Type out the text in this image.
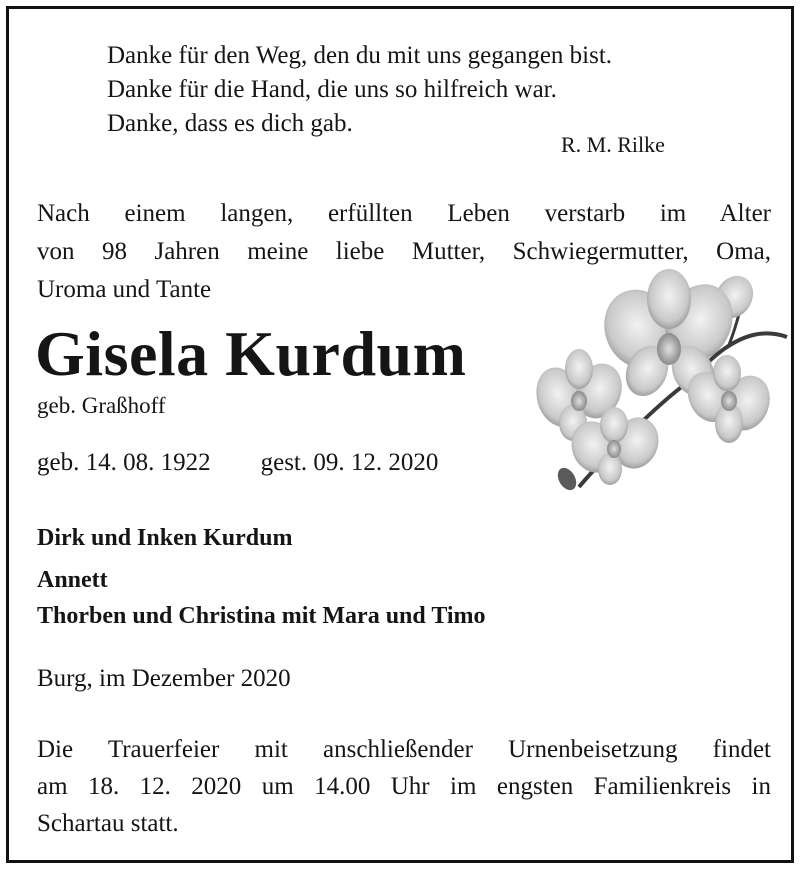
Danke für den Weg, den du mit uns gegangen bist.
Danke für die Hand, die uns so hilfreich war.
Danke, dass es dich gab.
R. M. Rilke
Nach einem langen, erfüllten Leben verstarb im Alter
von 98 Jahren meine liebe Mutter, Schwiegermutter, Oma,
Uroma und Tante
Gisela Kurdum
geb. Graßhoff
geb. 14. 08. 1922 gest. 09. 12. 2020
Dirk und Inken Kurdum
Annett
Thorben und Christina mit Mara und Timo
Burg, im Dezember 2020
Die Trauerfeier mit anschließender Urnenbeisetzung findet
am 18. 12. 2020 um 14.00 Uhr im engsten Familienkreis in
Schartau statt.
